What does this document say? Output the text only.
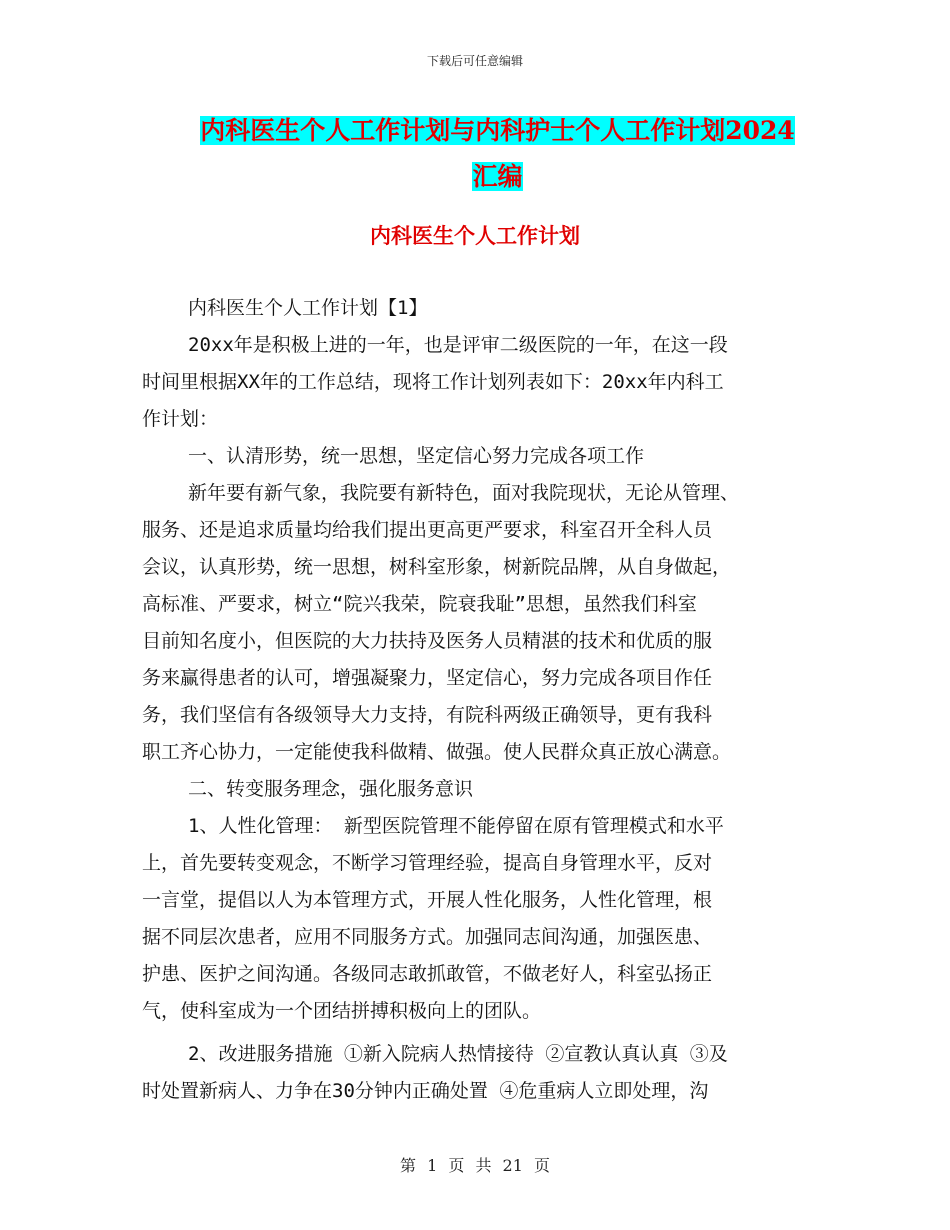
下载后可任意编辑
内科医生个人工作计划与内科护士个人工作计划2024
汇编
内科医生个人工作计划
内科医生个人工作计划【1】
20xx年是积极上进的一年，也是评审二级医院的一年，在这一段
时间里根据XX年的工作总结，现将工作计划列表如下：20xx年内科工
作计划：
一、认清形势，统一思想，坚定信心努力完成各项工作
新年要有新气象，我院要有新特色，面对我院现状，无论从管理、
服务、还是追求质量均给我们提出更高更严要求，科室召开全科人员
会议，认真形势，统一思想，树科室形象，树新院品牌，从自身做起，
高标准、严要求，树立“院兴我荣，院衰我耻”思想，虽然我们科室
目前知名度小，但医院的大力扶持及医务人员精湛的技术和优质的服
务来赢得患者的认可，增强凝聚力，坚定信心，努力完成各项目作任
务，我们坚信有各级领导大力支持，有院科两级正确领导，更有我科
职工齐心协力，一定能使我科做精、做强。使人民群众真正放心满意。
二、转变服务理念，强化服务意识
1、人性化管理： 新型医院管理不能停留在原有管理模式和水平
上，首先要转变观念，不断学习管理经验，提高自身管理水平，反对
一言堂，提倡以人为本管理方式，开展人性化服务，人性化管理，根
据不同层次患者，应用不同服务方式。加强同志间沟通，加强医患、
护患、医护之间沟通。各级同志敢抓敢管，不做老好人，科室弘扬正
气，使科室成为一个团结拼搏积极向上的团队。
2、改进服务措施 ①新入院病人热情接待 ②宣教认真认真 ③及
时处置新病人、力争在30分钟内正确处置 ④危重病人立即处理，沟
第 1 页 共 21 页
